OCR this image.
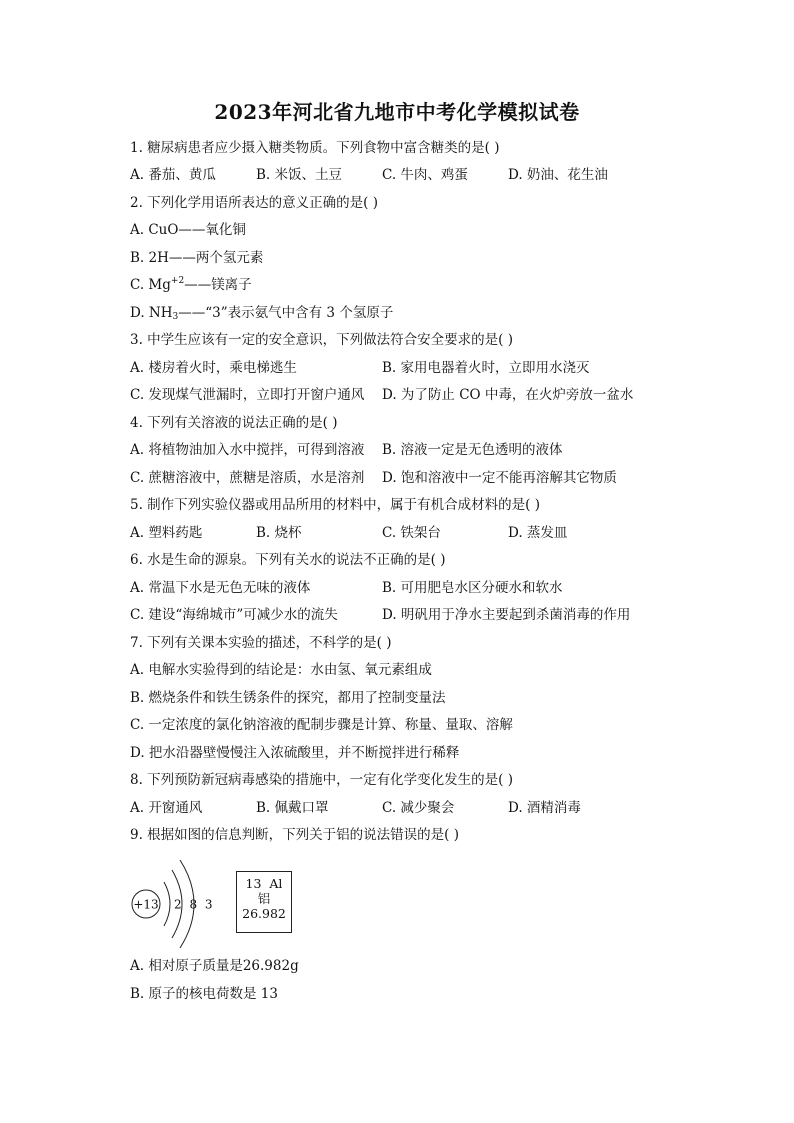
2023年河北省九地市中考化学模拟试卷
1. 糖尿病患者应少摄入糖类物质。下列食物中富含糖类的是( )
A. 番茄、黄瓜	B. 米饭、土豆	C. 牛肉、鸡蛋	D. 奶油、花生油
2. 下列化学用语所表达的意义正确的是( )
A. CuO——氧化铜
B. 2H——两个氢元素
C. $Mg^{+2}——$镁离子
D. $NH_3——“3$”表示氨气中含有 3 个氢原子
3. 中学生应该有一定的安全意识，下列做法符合安全要求的是( )
A. 楼房着火时，乘电梯逃生	B. 家用电器着火时，立即用水浇灭
C. 发现煤气泄漏时，立即打开窗户通风 D. 为了防止 CO 中毒，在火炉旁放一盆水
4. 下列有关溶液的说法正确的是( )
A. 将植物油加入水中搅拌，可得到溶液 B. 溶液一定是无色透明的液体
C. 蔗糖溶液中，蔗糖是溶质，水是溶剂 D. 饱和溶液中一定不能再溶解其它物质
5. 制作下列实验仪器或用品所用的材料中，属于有机合成材料的是( )
A. 塑料药匙	B. 烧杯	C. 铁架台	D. 蒸发皿
6. 水是生命的源泉。下列有关水的说法不正确的是( )
A. 常温下水是无色无味的液体	B. 可用肥皂水区分硬水和软水
C. 建设“海绵城市”可减少水的流失	D. 明矾用于净水主要起到杀菌消毒的作用
7. 下列有关课本实验的描述，不科学的是( )
A. 电解水实验得到的结论是：水由氢、氧元素组成
B. 燃烧条件和铁生锈条件的探究，都用了控制变量法
C. 一定浓度的氯化钠溶液的配制步骤是计算、称量、量取、溶解
D. 把水沿器壁慢慢注入浓硫酸里，并不断搅拌进行稀释
8. 下列预防新冠病毒感染的措施中，一定有化学变化发生的是( )
A. 开窗通风	B. 佩戴口罩	C. 减少聚会	D. 酒精消毒
9. 根据如图的信息判断，下列关于铝的说法错误的是( )
+13 2 8 3
13 Al
铝
26.982
A. 相对原子质量是26.982g
B. 原子的核电荷数是 13
